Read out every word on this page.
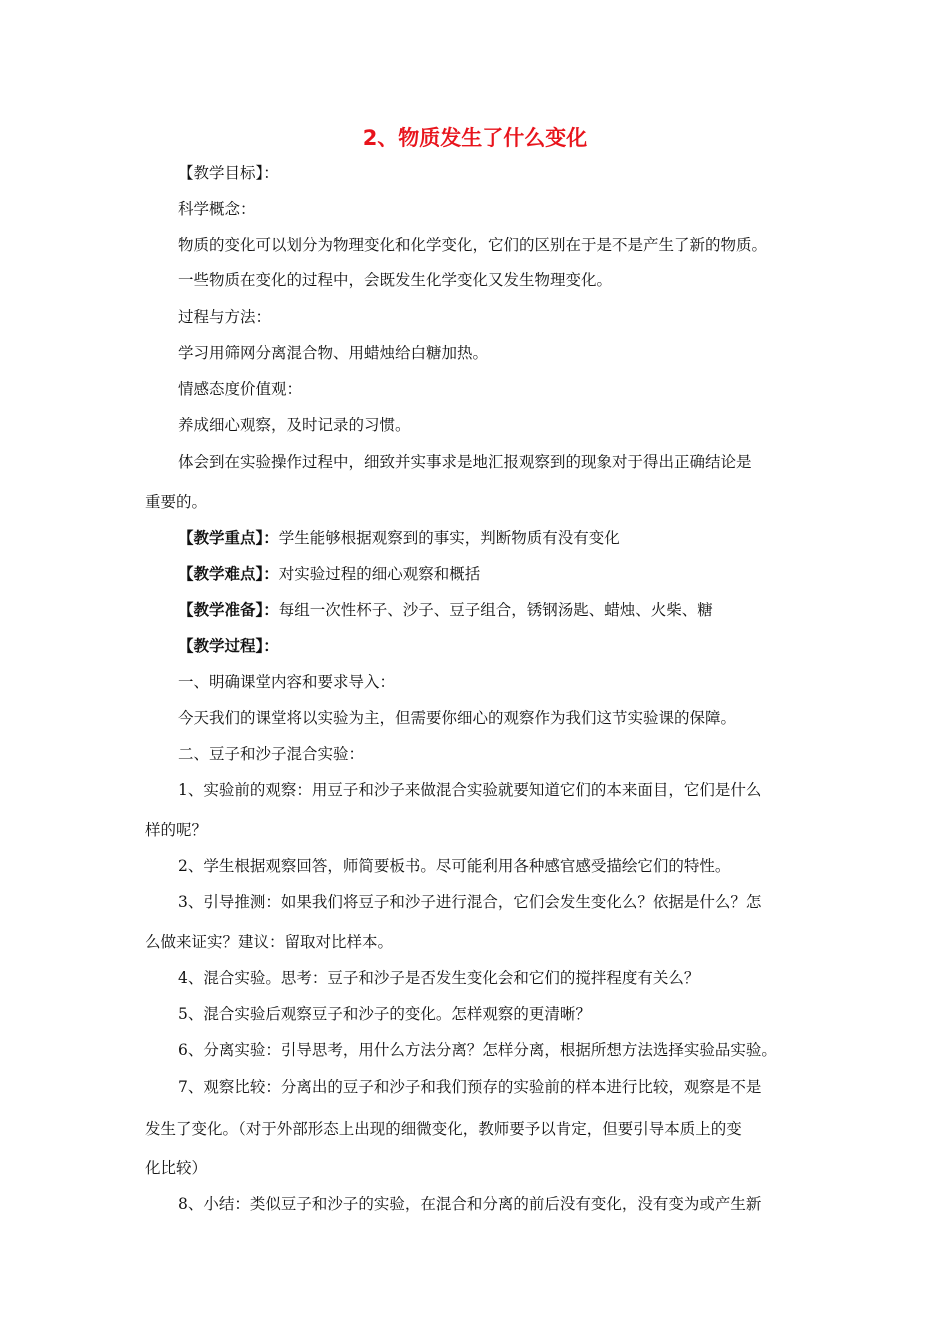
2、物质发生了什么变化
【教学目标】：
科学概念：
物质的变化可以划分为物理变化和化学变化，它们的区别在于是不是产生了新的物质。
一些物质在变化的过程中，会既发生化学变化又发生物理变化。
过程与方法：
学习用筛网分离混合物、用蜡烛给白糖加热。
情感态度价值观：
养成细心观察，及时记录的习惯。
体会到在实验操作过程中，细致并实事求是地汇报观察到的现象对于得出正确结论是
重要的。
【教学重点】：学生能够根据观察到的事实，判断物质有没有变化
【教学难点】：对实验过程的细心观察和概括
【教学准备】：每组一次性杯子、沙子、豆子组合，锈钢汤匙、蜡烛、火柴、糖
【教学过程】：
一、明确课堂内容和要求导入：
今天我们的课堂将以实验为主，但需要你细心的观察作为我们这节实验课的保障。
二、豆子和沙子混合实验：
1、实验前的观察：用豆子和沙子来做混合实验就要知道它们的本来面目，它们是什么
样的呢？
2、学生根据观察回答，师简要板书。尽可能利用各种感官感受描绘它们的特性。
3、引导推测：如果我们将豆子和沙子进行混合，它们会发生变化么？依据是什么？怎
么做来证实？建议：留取对比样本。
4、混合实验。思考：豆子和沙子是否发生变化会和它们的搅拌程度有关么？
5、混合实验后观察豆子和沙子的变化。怎样观察的更清晰？
6、分离实验：引导思考，用什么方法分离？怎样分离，根据所想方法选择实验品实验。
7、观察比较：分离出的豆子和沙子和我们预存的实验前的样本进行比较，观察是不是
发生了变化。（对于外部形态上出现的细微变化，教师要予以肯定，但要引导本质上的变
化比较）
8、小结：类似豆子和沙子的实验，在混合和分离的前后没有变化，没有变为或产生新
